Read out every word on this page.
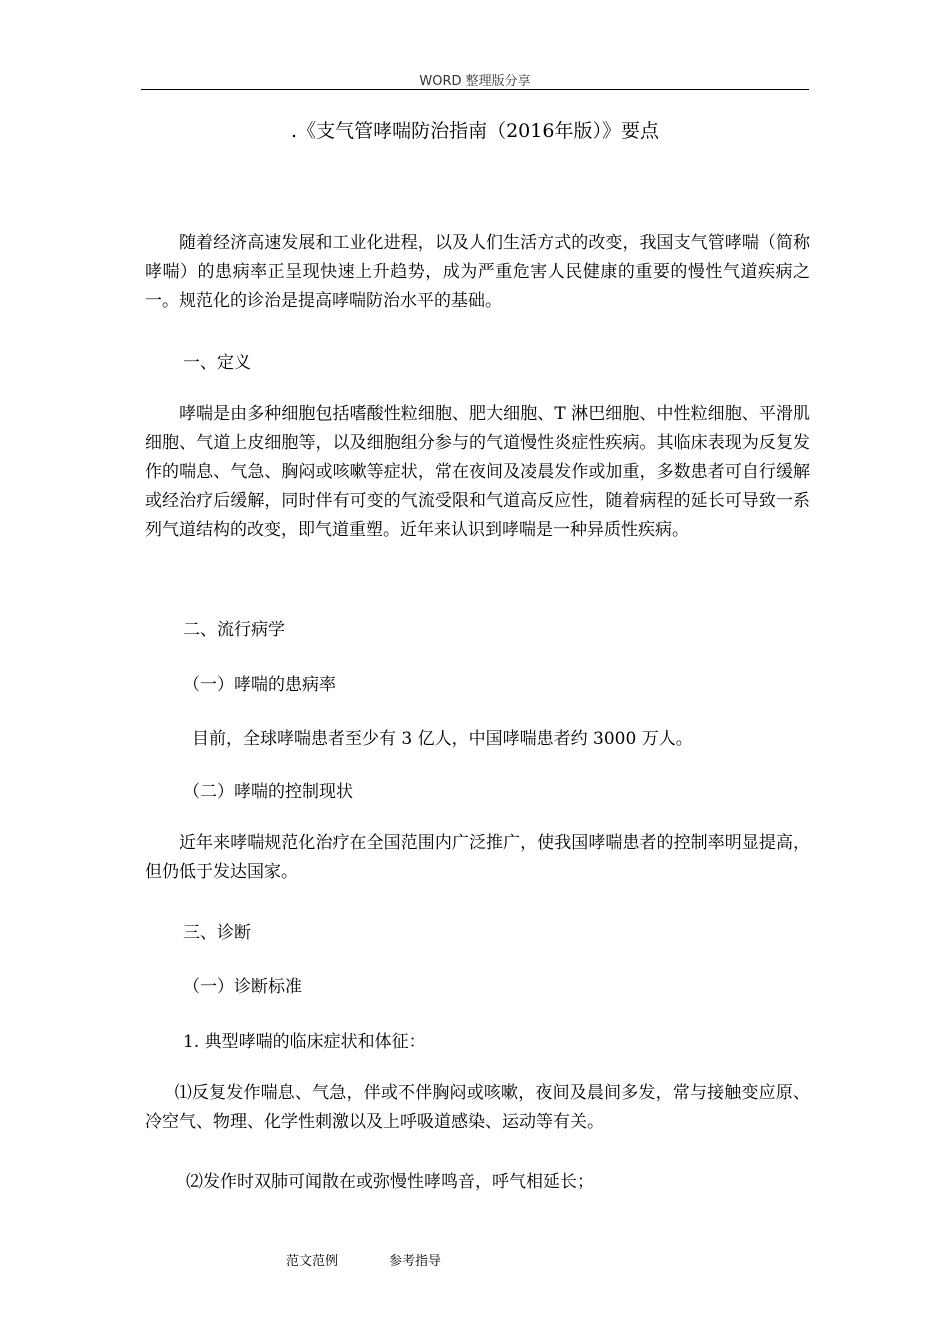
WORD 整理版分享
.《支气管哮喘防治指南（2016年版）》要点

随着经济高速发展和工业化进程，以及人们生活方式的改变，我国支气管哮喘（简称哮喘）的患病率正呈现快速上升趋势，成为严重危害人民健康的重要的慢性气道疾病之一。规范化的诊治是提高哮喘防治水平的基础。

一、定义

哮喘是由多种细胞包括嗜酸性粒细胞、肥大细胞、T 淋巴细胞、中性粒细胞、平滑肌细胞、气道上皮细胞等，以及细胞组分参与的气道慢性炎症性疾病。其临床表现为反复发作的喘息、气急、胸闷或咳嗽等症状，常在夜间及凌晨发作或加重，多数患者可自行缓解或经治疗后缓解，同时伴有可变的气流受限和气道高反应性，随着病程的延长可导致一系列气道结构的改变，即气道重塑。近年来认识到哮喘是一种异质性疾病。

二、流行病学
（一）哮喘的患病率
目前，全球哮喘患者至少有 3 亿人，中国哮喘患者约 3000 万人。
（二）哮喘的控制现状

近年来哮喘规范化治疗在全国范围内广泛推广，使我国哮喘患者的控制率明显提高，但仍低于发达国家。

三、诊断
（一）诊断标准
1. 典型哮喘的临床症状和体征：

⑴反复发作喘息、气急，伴或不伴胸闷或咳嗽，夜间及晨间多发，常与接触变应原、冷空气、物理、化学性刺激以及上呼吸道感染、运动等有关。

⑵发作时双肺可闻散在或弥慢性哮鸣音，呼气相延长；
范文范例	参考指导
